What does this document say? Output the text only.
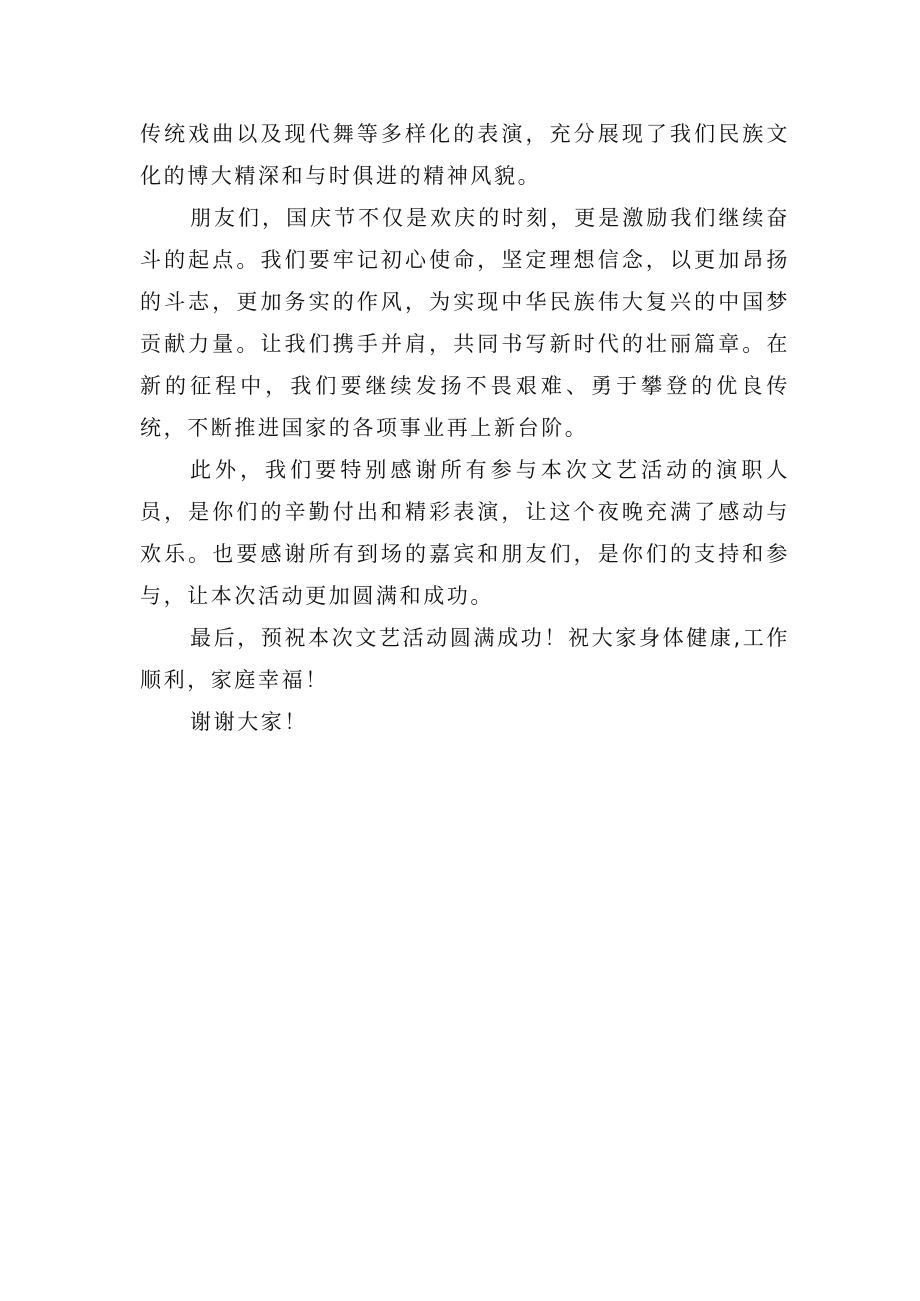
传统戏曲以及现代舞等多样化的表演，充分展现了我们民族文化的博大精深和与时俱进的精神风貌。

朋友们，国庆节不仅是欢庆的时刻，更是激励我们继续奋斗的起点。我们要牢记初心使命，坚定理想信念，以更加昂扬的斗志，更加务实的作风，为实现中华民族伟大复兴的中国梦贡献力量。让我们携手并肩，共同书写新时代的壮丽篇章。在新的征程中，我们要继续发扬不畏艰难、勇于攀登的优良传统，不断推进国家的各项事业再上新台阶。

此外，我们要特别感谢所有参与本次文艺活动的演职人员，是你们的辛勤付出和精彩表演，让这个夜晚充满了感动与欢乐。也要感谢所有到场的嘉宾和朋友们，是你们的支持和参与，让本次活动更加圆满和成功。

最后，预祝本次文艺活动圆满成功！祝大家身体健康,工作顺利，家庭幸福！

谢谢大家！
